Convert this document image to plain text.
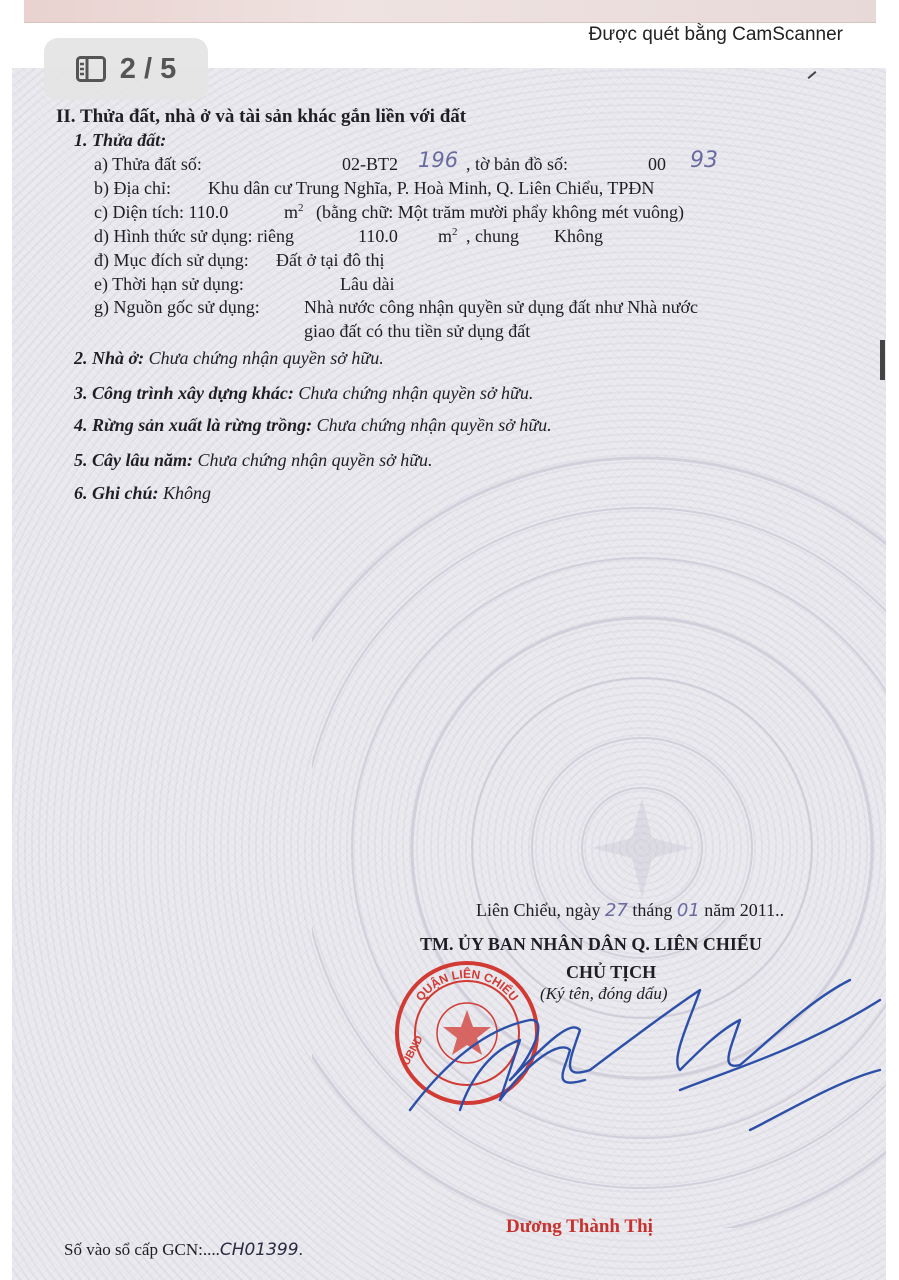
Được quét bằng CamScanner
2 / 5
II. Thửa đất, nhà ở và tài sản khác gắn liền với đất
1. Thửa đất:
a) Thửa đất số:	02-BT2 196 , tờ bản đồ số:	00 93
b) Địa chỉ: Khu dân cư Trung Nghĩa, P. Hoà Minh, Q. Liên Chiểu, TPĐN
c) Diện tích: 110.0	$m^2$ (bằng chữ: Một trăm mười phẩy không mét vuông)
d) Hình thức sử dụng: riêng	110.0 $m^2$ , chung Không
đ) Mục đích sử dụng: Đất ở tại đô thị
e) Thời hạn sử dụng:	Lâu dài
g) Nguồn gốc sử dụng: Nhà nước công nhận quyền sử dụng đất như Nhà nước
giao đất có thu tiền sử dụng đất
2. Nhà ở: Chưa chứng nhận quyền sở hữu.
3. Công trình xây dựng khác: Chưa chứng nhận quyền sở hữu.
4. Rừng sản xuất là rừng trồng: Chưa chứng nhận quyền sở hữu.
5. Cây lâu năm: Chưa chứng nhận quyền sở hữu.
6. Ghi chú: Không
Liên Chiểu, ngày 27 tháng 01 năm 2011..
TM. ỦY BAN NHÂN DÂN Q. LIÊN CHIỂU
CHỦ TỊCH
(Ký tên, đóng dấu)
QUẬN LIÊN CHIỂU
UBND
Dương Thành Thị
Số vào sổ cấp GCN:....CH01399.
